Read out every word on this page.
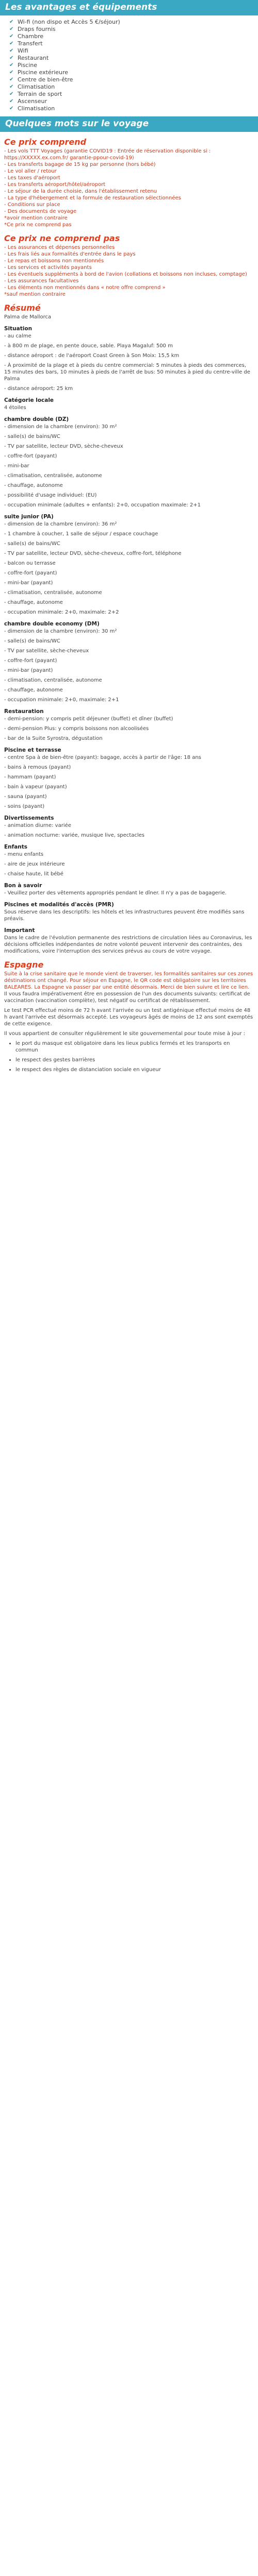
Les avantages et équipements
✔ Wi-fi (non dispo et Accès 5 €/séjour)
✔ Draps fournis
✔ Chambre
✔ Transfert
✔ Wifi
✔ Restaurant
✔ Piscine
✔ Piscine extérieure
✔ Centre de bien-être
✔ Climatisation
✔ Terrain de sport
✔ Ascenseur
✔ Climatisation
Quelques mots sur le voyage
Ce prix comprend

- Les vols TTT Voyages (garantie COVID19 : Entrée de réservation disponible si : https://XXXXX.ex.com.fr/ garantie-ppour-covid-19)

- Les transferts bagage de 15 kg par personne (hors bébé)

- Le vol aller / retour

- Les taxes d'aéroport

- Les transferts aéroport/hôtel/aéroport

- Le séjour de la durée choisie, dans l'établissement retenu

- La type d'hébergement et la formule de restauration sélectionnées

- Conditions sur place

- Des documents de voyage

*avoir mention contraire

*Ce prix ne comprend pas

Ce prix ne comprend pas

- Les assurances et dépenses personnelles

- Les frais liés aux formalités d'entrée dans le pays

- Le repas et boissons non mentionnés

- Les services et activités payants

- Les éventuels suppléments à bord de l'avion (collations et boissons non incluses, comptage)

- Les assurances facultatives

- Les éléments non mentionnés dans « notre offre comprend »

*sauf mention contraire

Résumé

Palma de Mallorca

Situation

- au calme

- à 800 m de plage, en pente douce, sable. Playa Magaluf: 500 m

- distance aéroport : de l'aéroport Coast Green à Son Moix: 15,5 km

- À proximité de la plage et à pieds du centre commercial: 5 minutes à pieds des commerces, 15 minutes des bars, 10 minutes à pieds de l'arrêt de bus: 50 minutes à pied du centre-ville de Palma

- distance aéroport: 25 km

Catégorie locale

4 étoiles

chambre double (DZ)

- dimension de la chambre (environ): 30 m²

- salle(s) de bains/WC

- TV par satellite, lecteur DVD, sèche-cheveux

- coffre-fort (payant)

- mini-bar

- climatisation, centralisée, autonome

- chauffage, autonome

- possibilité d'usage individuel: (EU)

- occupation minimale (adultes + enfants): 2+0, occupation maximale: 2+1

suite junior (PA)

- dimension de la chambre (environ): 36 m²

- 1 chambre à coucher, 1 salle de séjour / espace couchage

- salle(s) de bains/WC

- TV par satellite, lecteur DVD, sèche-cheveux, coffre-fort, téléphone

- balcon ou terrasse

- coffre-fort (payant)

- mini-bar (payant)

- climatisation, centralisée, autonome

- chauffage, autonome

- occupation minimale: 2+0, maximale: 2+2

chambre double economy (DM)

- dimension de la chambre (environ): 30 m²

- salle(s) de bains/WC

- TV par satellite, sèche-cheveux

- coffre-fort (payant)

- mini-bar (payant)

- climatisation, centralisée, autonome

- chauffage, autonome

- occupation minimale: 2+0, maximale: 2+1

Restauration

- demi-pension: y compris petit déjeuner (buffet) et dîner (buffet)

- demi-pension Plus: y compris boissons non alcoolisées

- bar de la Suite Syrostra, dégustation

Piscine et terrasse

- centre Spa à de bien-être (payant): bagage, accès à partir de l'âge: 18 ans

- bains à remous (payant)

- hammam (payant)

- bain à vapeur (payant)

- sauna (payant)

- soins (payant)

Divertissements

- animation diurne: variée

- animation nocturne: variée, musique live, spectacles

Enfants

- menu enfants

- aire de jeux intérieure

- chaise haute, lit bébé

Bon à savoir

- Veuillez porter des vêtements appropriés pendant le dîner. Il n'y a pas de bagagerie.

Piscines et modalités d'accès (PMR)

Sous réserve dans les descriptifs: les hôtels et les infrastructures peuvent être modifiés sans préavis.

Important

Dans le cadre de l'évolution permanente des restrictions de circulation liées au Coronavirus, les décisions officielles indépendantes de notre volonté peuvent intervenir des contraintes, des modifications, voire l'interruption des services prévus au cours de votre voyage.

Espagne

Suite à la crise sanitaire que le monde vient de traverser, les formalités sanitaires sur ces zones déstinations ont changé. Pour séjour en Espagne, le QR code est obligatoire sur les territoires BALEARES. La Espagne va passer par une entité désormais. Merci de bien suivre et lire ce lien.

Il vous faudra impérativement être en possession de l'un des documents suivants: certificat de vaccination (vaccination complète), test négatif ou certificat de rétablissement.

Le test PCR effectué moins de 72 h avant l'arrivée ou un test antigénique effectué moins de 48 h avant l'arrivée est désormais accepté. Les voyageurs âgés de moins de 12 ans sont exemptés de cette exigence.

Il vous appartient de consulter régulièrement le site gouvernemental pour toute mise à jour :

• le port du masque est obligatoire dans les lieux publics fermés et les transports en commun
• le respect des gestes barrières
• le respect des règles de distanciation sociale en vigueur
